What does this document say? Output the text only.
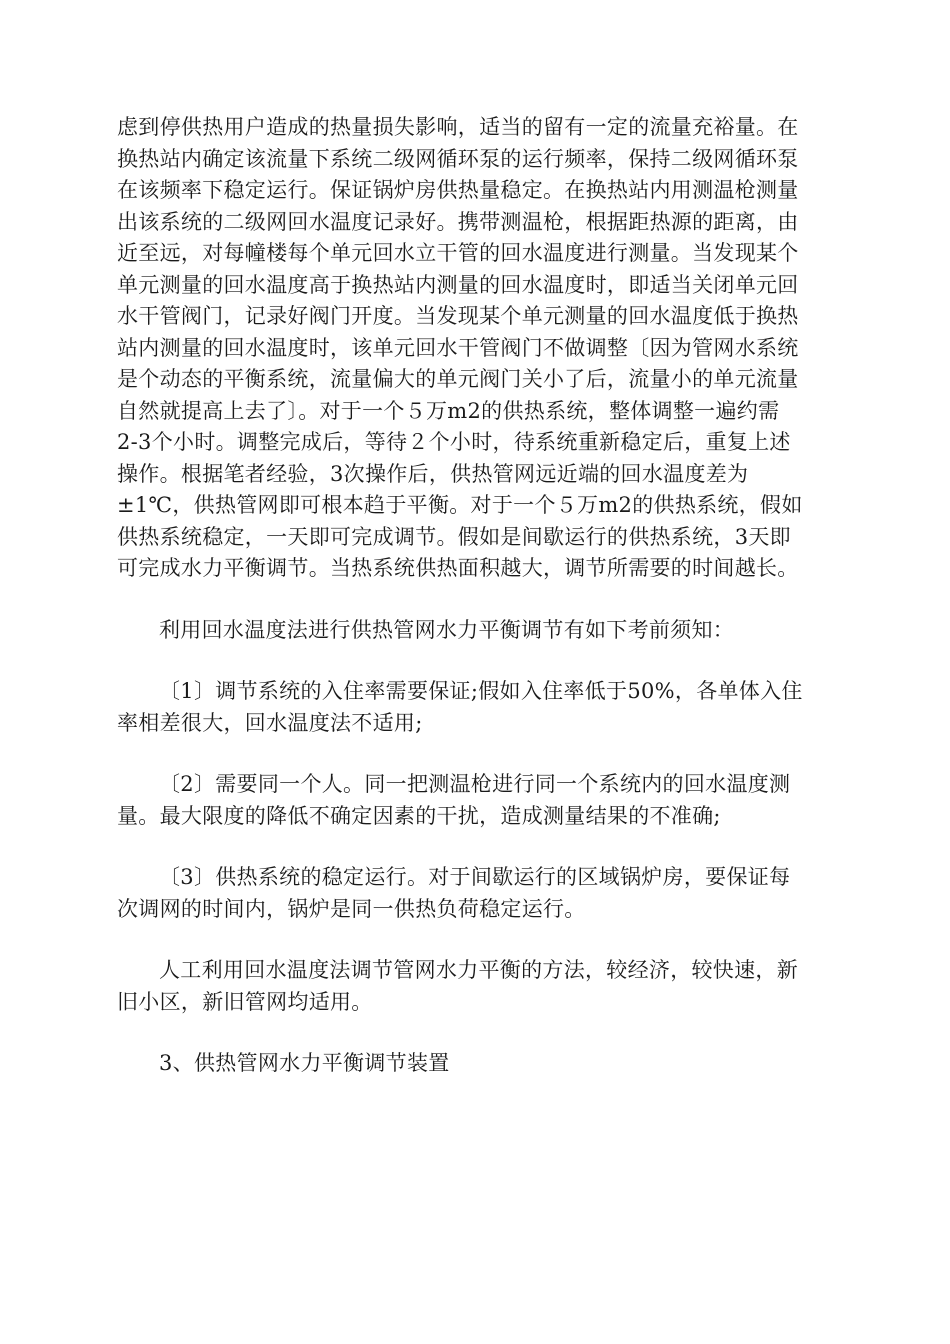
虑到停供热用户造成的热量损失影响，适当的留有一定的流量充裕量。在
换热站内确定该流量下系统二级网循环泵的运行频率，保持二级网循环泵
在该频率下稳定运行。保证锅炉房供热量稳定。在换热站内用测温枪测量
出该系统的二级网回水温度记录好。携带测温枪，根据距热源的距离，由
近至远，对每幢楼每个单元回水立干管的回水温度进行测量。当发现某个
单元测量的回水温度高于换热站内测量的回水温度时，即适当关闭单元回
水干管阀门，记录好阀门开度。当发现某个单元测量的回水温度低于换热
站内测量的回水温度时，该单元回水干管阀门不做调整〔因为管网水系统
是个动态的平衡系统，流量偏大的单元阀门关小了后，流量小的单元流量
自然就提高上去了〕。对于一个５万m2的供热系统，整体调整一遍约需
2-3个小时。调整完成后，等待２个小时，待系统重新稳定后，重复上述
操作。根据笔者经验，3次操作后，供热管网远近端的回水温度差为
±1℃，供热管网即可根本趋于平衡。对于一个５万m2的供热系统，假如
供热系统稳定，一天即可完成调节。假如是间歇运行的供热系统，3天即
可完成水力平衡调节。当热系统供热面积越大，调节所需要的时间越长。
利用回水温度法进行供热管网水力平衡调节有如下考前须知：
〔1〕调节系统的入住率需要保证;假如入住率低于50%，各单体入住
率相差很大，回水温度法不适用;
〔2〕需要同一个人。同一把测温枪进行同一个系统内的回水温度测
量。最大限度的降低不确定因素的干扰，造成测量结果的不准确;
〔3〕供热系统的稳定运行。对于间歇运行的区域锅炉房，要保证每
次调网的时间内，锅炉是同一供热负荷稳定运行。
人工利用回水温度法调节管网水力平衡的方法，较经济，较快速，新
旧小区，新旧管网均适用。
3、供热管网水力平衡调节装置
